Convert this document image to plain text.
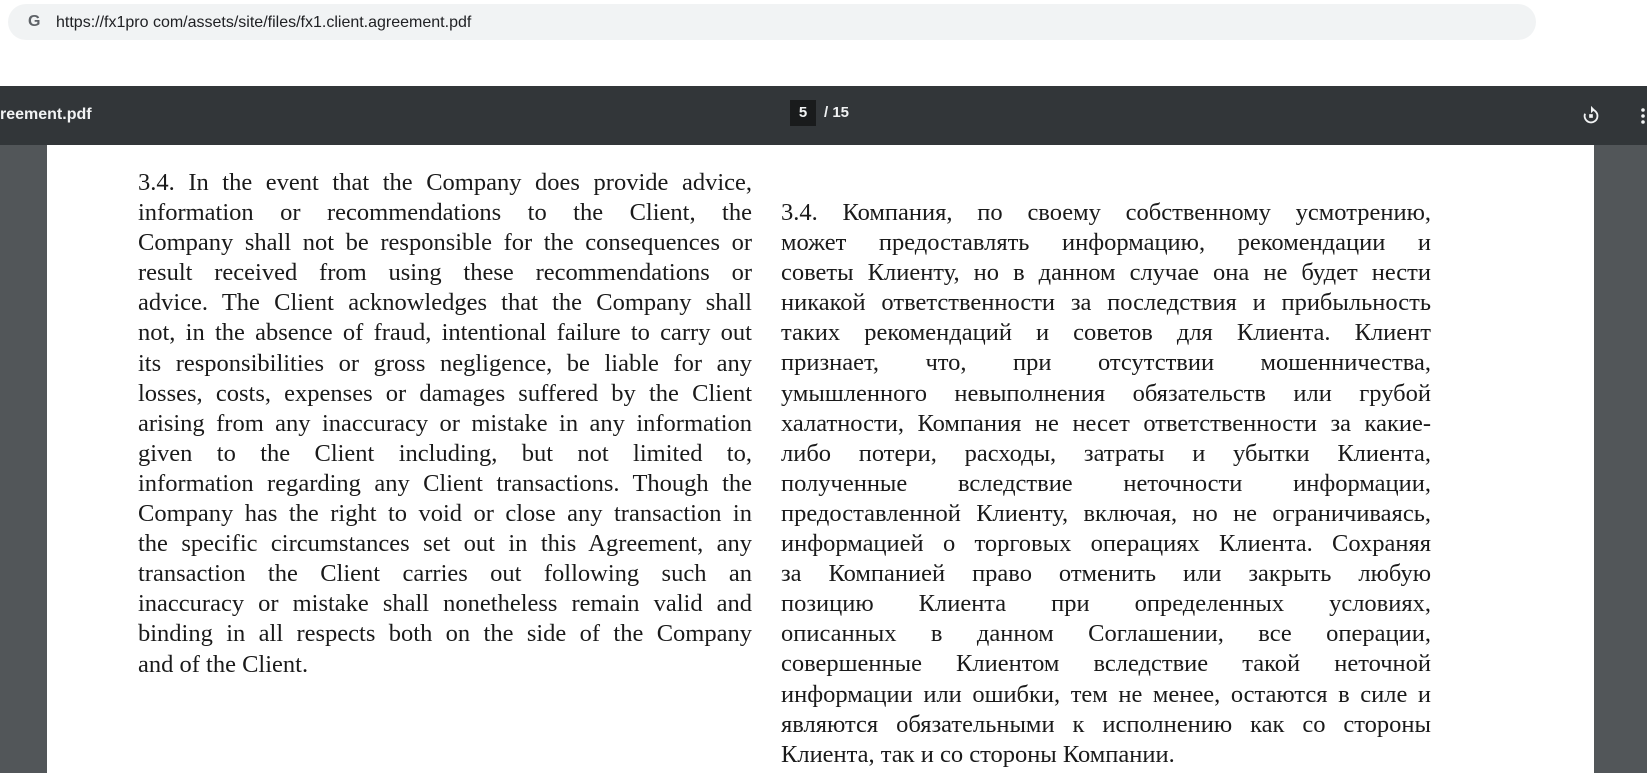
G https://fx1pro com/assets/site/files/fx1.client.agreement.pdf
reement.pdf	5	/ 15
3.4. In the event that the Company does provide advice,
information or recommendations to the Client, the
Company shall not be responsible for the consequences or
result received from using these recommendations or
advice. The Client acknowledges that the Company shall
not, in the absence of fraud, intentional failure to carry out
its responsibilities or gross negligence, be liable for any
losses, costs, expenses or damages suffered by the Client
arising from any inaccuracy or mistake in any information
given to the Client including, but not limited to,
information regarding any Client transactions. Though the
Company has the right to void or close any transaction in
the specific circumstances set out in this Agreement, any
transaction the Client carries out following such an
inaccuracy or mistake shall nonetheless remain valid and
binding in all respects both on the side of the Company
and of the Client.
3.4. Компания, по своему собственному усмотрению,
может предоставлять информацию, рекомендации и
советы Клиенту, но в данном случае она не будет нести
никакой ответственности за последствия и прибыльность
таких рекомендаций и советов для Клиента. Клиент
признает, что, при отсутствии мошенничества,
умышленного невыполнения обязательств или грубой
халатности, Компания не несет ответственности за какие-
либо потери, расходы, затраты и убытки Клиента,
полученные вследствие неточности информации,
предоставленной Клиенту, включая, но не ограничиваясь,
информацией о торговых операциях Клиента. Сохраняя
за Компанией право отменить или закрыть любую
позицию Клиента при определенных условиях,
описанных в данном Соглашении, все операции,
совершенные Клиентом вследствие такой неточной
информации или ошибки, тем не менее, остаются в силе и
являются обязательными к исполнению как со стороны
Клиента, так и со стороны Компании.
